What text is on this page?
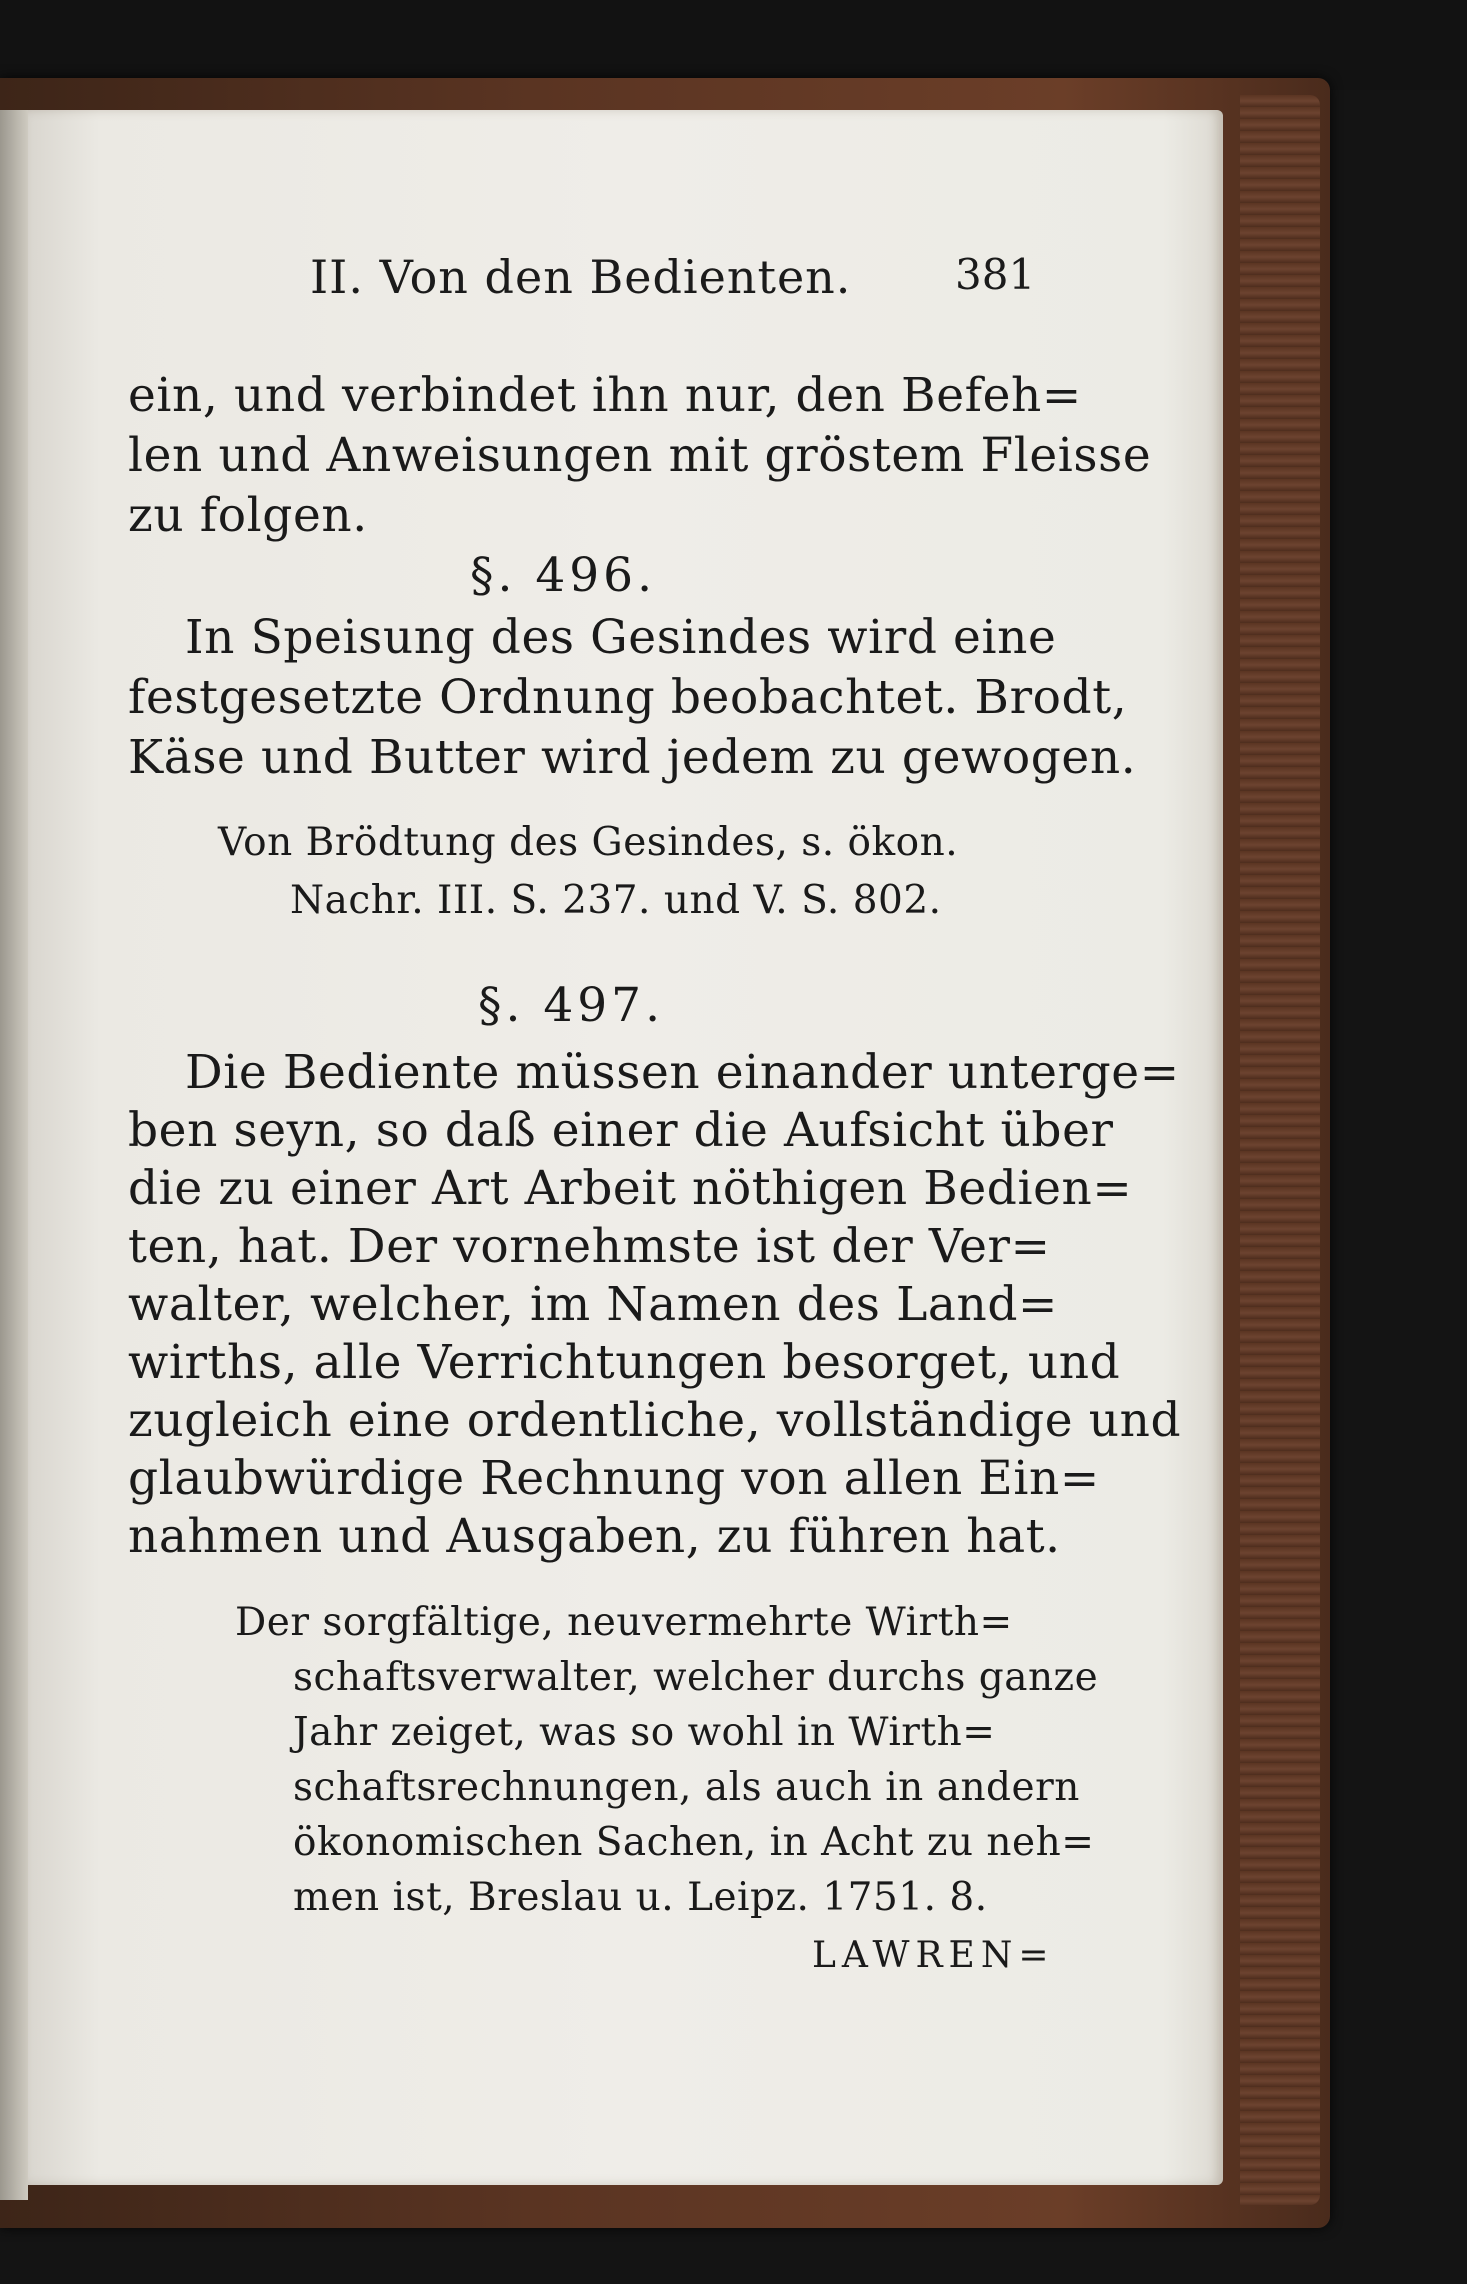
II. Von den Bedienten. 381
ein, und verbindet ihn nur, den Befeh=
len und Anweisungen mit gröstem Fleisse
zu folgen.
§. 496.
In Speisung des Gesindes wird eine
festgesetzte Ordnung beobachtet. Brodt,
Käse und Butter wird jedem zu gewogen.
Von Brödtung des Gesindes, s. ökon.
Nachr. III. S. 237. und V. S. 802.
§. 497.
Die Bediente müssen einander unterge=
ben seyn, so daß einer die Aufsicht über
die zu einer Art Arbeit nöthigen Bedien=
ten, hat. Der vornehmste ist der Ver=
walter, welcher, im Namen des Land=
wirths, alle Verrichtungen besorget, und
zugleich eine ordentliche, vollständige und
glaubwürdige Rechnung von allen Ein=
nahmen und Ausgaben, zu führen hat.
Der sorgfältige, neuvermehrte Wirth=
schaftsverwalter, welcher durchs ganze
Jahr zeiget, was so wohl in Wirth=
schaftsrechnungen, als auch in andern
ökonomischen Sachen, in Acht zu neh=
men ist, Breslau u. Leipz. 1751. 8.
LAWREN=
